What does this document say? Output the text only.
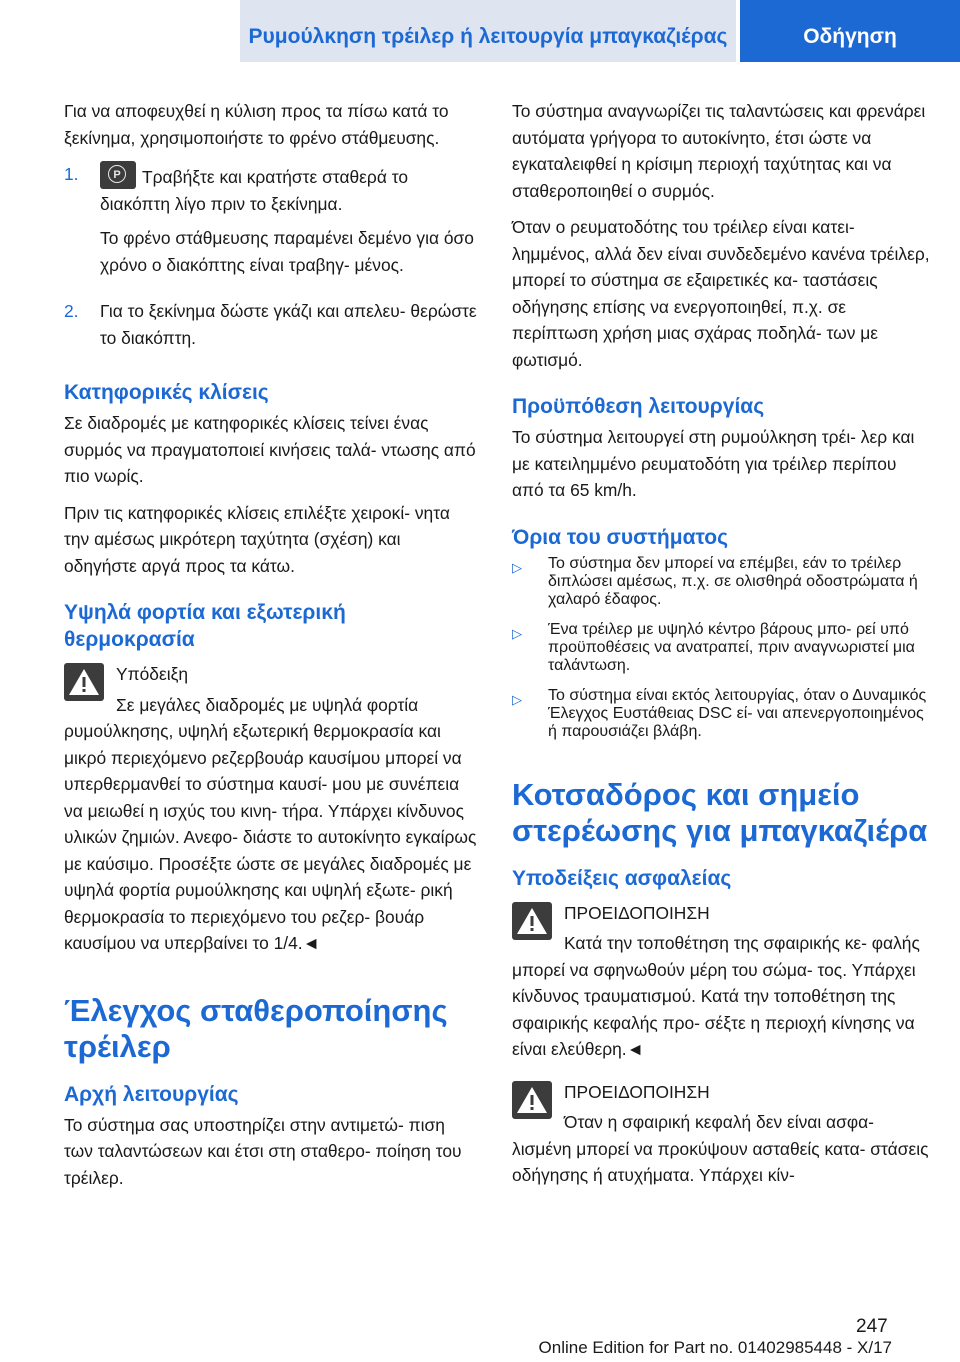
Ρυμούλκηση τρέιλερ ή λειτουργία μπαγκαζιέρας	Οδήγηση

Για να αποφευχθεί η κύλιση προς τα πίσω κατά το ξεκίνημα, χρησιμοποιήστε το φρένο στάθμευσης.

1.	P	Τραβήξτε και κρατήστε σταθερά το διακόπτη λίγο πριν το ξεκίνημα.

Το φρένο στάθμευσης παραμένει δεμένο για όσο χρόνο ο διακόπτης είναι τραβηγ‐ μένος.

2.	Για το ξεκίνημα δώστε γκάζι και απελευ‐ θερώστε το διακόπτη.

Κατηφορικές κλίσεις

Σε διαδρομές με κατηφορικές κλίσεις τείνει ένας συρμός να πραγματοποιεί κινήσεις ταλά‐ ντωσης από πιο νωρίς.

Πριν τις κατηφορικές κλίσεις επιλέξτε χειροκί‐ νητα την αμέσως μικρότερη ταχύτητα (σχέση) και οδηγήστε αργά προς τα κάτω.

Υψηλά φορτία και εξωτερική θερμοκρασία

Υπόδειξη

Σε μεγάλες διαδρομές με υψηλά φορτία ρυμούλκησης, υψηλή εξωτερική θερμοκρασία και μικρό περιεχόμενο ρεζερβουάρ καυσίμου μπορεί να υπερθερμανθεί το σύστημα καυσί‐ μου με συνέπεια να μειωθεί η ισχύς του κινη‐ τήρα. Υπάρχει κίνδυνος υλικών ζημιών. Ανεφο‐ διάστε το αυτοκίνητο εγκαίρως με καύσιμο. Προσέξτε ώστε σε μεγάλες διαδρομές με υψηλά φορτία ρυμούλκησης και υψηλή εξωτε‐ ρική θερμοκρασία το περιεχόμενο του ρεζερ‐ βουάρ καυσίμου να υπερβαίνει το 1/4.◄

Έλεγχος σταθεροποίησης τρέιλερ
Αρχή λειτουργίας

Το σύστημα σας υποστηρίζει στην αντιμετώ‐ πιση των ταλαντώσεων και έτσι στη σταθερο‐ ποίηση του τρέιλερ.

Το σύστημα αναγνωρίζει τις ταλαντώσεις και φρενάρει αυτόματα γρήγορα το αυτοκίνητο, έτσι ώστε να εγκαταλειφθεί η κρίσιμη περιοχή ταχύτητας και να σταθεροποιηθεί ο συρμός.

Όταν ο ρευματοδότης του τρέιλερ είναι κατει‐ λημμένος, αλλά δεν είναι συνδεδεμένο κανένα τρέιλερ, μπορεί το σύστημα σε εξαιρετικές κα‐ ταστάσεις οδήγησης επίσης να ενεργοποιηθεί, π.χ. σε περίπτωση χρήση μιας σχάρας ποδηλά‐ των με φωτισμό.

Προϋπόθεση λειτουργίας

Το σύστημα λειτουργεί στη ρυμούλκηση τρέι‐ λερ και με κατειλημμένο ρευματοδότη για τρέιλερ περίπου από τα 65 km/h.

Όρια του συστήματος
▷	Το σύστημα δεν μπορεί να επέμβει, εάν το τρέιλερ διπλώσει αμέσως, π.χ. σε ολισθηρά οδοστρώματα ή χαλαρό έδαφος.
▷	Ένα τρέιλερ με υψηλό κέντρο βάρους μπο‐ ρεί υπό προϋποθέσεις να ανατραπεί, πριν αναγνωριστεί μια ταλάντωση.
▷	Το σύστημα είναι εκτός λειτουργίας, όταν ο Δυναμικός Έλεγχος Ευστάθειας DSC εί‐ ναι απενεργοποιημένος ή παρουσιάζει βλάβη.
Κοτσαδόρος και σημείο στερέωσης για μπαγκαζιέρα
Υποδείξεις ασφαλείας

ΠΡΟΕΙΔΟΠΟΙΗΣΗ

Κατά την τοποθέτηση της σφαιρικής κε‐ φαλής μπορεί να σφηνωθούν μέρη του σώμα‐ τος. Υπάρχει κίνδυνος τραυματισμού. Κατά την τοποθέτηση της σφαιρικής κεφαλής προ‐ σέξτε η περιοχή κίνησης να είναι ελεύθερη.◄

ΠΡΟΕΙΔΟΠΟΙΗΣΗ

Όταν η σφαιρική κεφαλή δεν είναι ασφα‐ λισμένη μπορεί να προκύψουν ασταθείς κατα‐ στάσεις οδήγησης ή ατυχήματα. Υπάρχει κίν‐

247
Online Edition for Part no. 01402985448 - X/17
